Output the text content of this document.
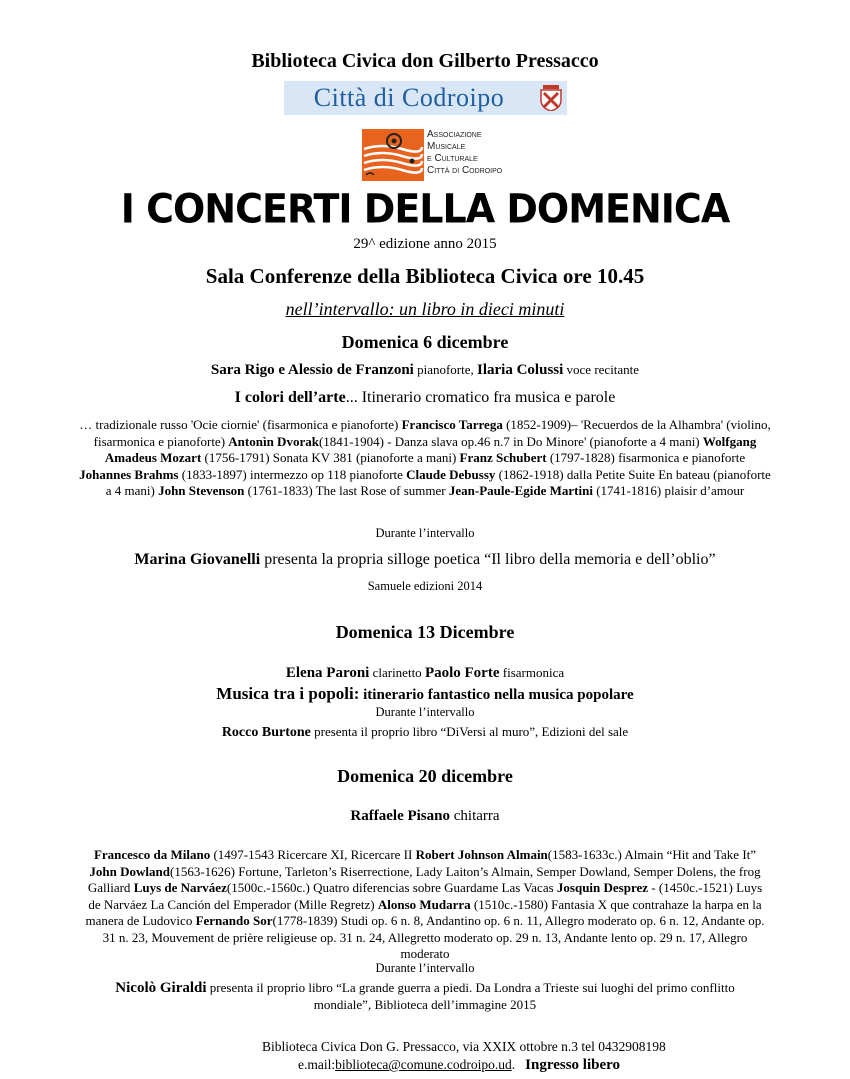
Biblioteca Civica don Gilberto Pressacco
Città di Codroipo
Associazione
Musicale
e Culturale
Città di Codroipo
I CONCERTI DELLA DOMENICA
29^ edizione anno 2015
Sala Conferenze della Biblioteca Civica ore 10.45
nell’intervallo: un libro in dieci minuti
Domenica 6 dicembre
Sara Rigo e Alessio de Franzoni pianoforte, Ilaria Colussi voce recitante
I colori dell’arte... Itinerario cromatico fra musica e parole
… tradizionale russo 'Ocie ciornie' (fisarmonica e pianoforte) Francisco Tarrega (1852-1909)– 'Recuerdos de la Alhambra' (violino, fisarmonica e pianoforte) Antonìn Dvorak(1841-1904) - Danza slava op.46 n.7 in Do Minore' (pianoforte a 4 mani) Wolfgang Amadeus Mozart (1756-1791) Sonata KV 381 (pianoforte a mani) Franz Schubert (1797-1828) fisarmonica e pianoforte Johannes Brahms (1833-1897) intermezzo op 118 pianoforte Claude Debussy (1862-1918) dalla Petite Suite En bateau (pianoforte a 4 mani) John Stevenson (1761-1833) The last Rose of summer Jean-Paule-Egide Martini (1741-1816) plaisir d’amour
Durante l’intervallo
Marina Giovanelli presenta la propria silloge poetica “Il libro della memoria e dell’oblio”
Samuele edizioni 2014
Domenica 13 Dicembre
Elena Paroni clarinetto Paolo Forte fisarmonica
Musica tra i popoli: itinerario fantastico nella musica popolare
Durante l’intervallo
Rocco Burtone presenta il proprio libro “DiVersi al muro”, Edizioni del sale
Domenica 20 dicembre
Raffaele Pisano chitarra
Francesco da Milano (1497-1543 Ricercare XI, Ricercare II Robert Johnson Almain(1583-1633c.) Almain “Hit and Take It” John Dowland(1563-1626) Fortune, Tarleton’s Riserrectione, Lady Laiton’s Almain, Semper Dowland, Semper Dolens, the frog Galliard Luys de Narváez(1500c.-1560c.) Quatro diferencias sobre Guardame Las Vacas Josquin Desprez - (1450c.-1521) Luys de Narváez La Canción del Emperador (Mille Regretz) Alonso Mudarra (1510c.-1580) Fantasia X que contrahaze la harpa en la manera de Ludovico Fernando Sor(1778-1839) Studi op. 6 n. 8, Andantino op. 6 n. 11, Allegro moderato op. 6 n. 12, Andante op. 31 n. 23, Mouvement de prière religieuse op. 31 n. 24, Allegretto moderato op. 29 n. 13, Andante lento op. 29 n. 17, Allegro moderato
Durante l’intervallo
Nicolò Giraldi presenta il proprio libro “La grande guerra a piedi. Da Londra a Trieste sui luoghi del primo conflitto mondiale”, Biblioteca dell’immagine 2015
Biblioteca Civica Don G. Pressacco, via XXIX ottobre n.3 tel 0432908198
e.mail:biblioteca@comune.codroipo.ud. Ingresso libero
